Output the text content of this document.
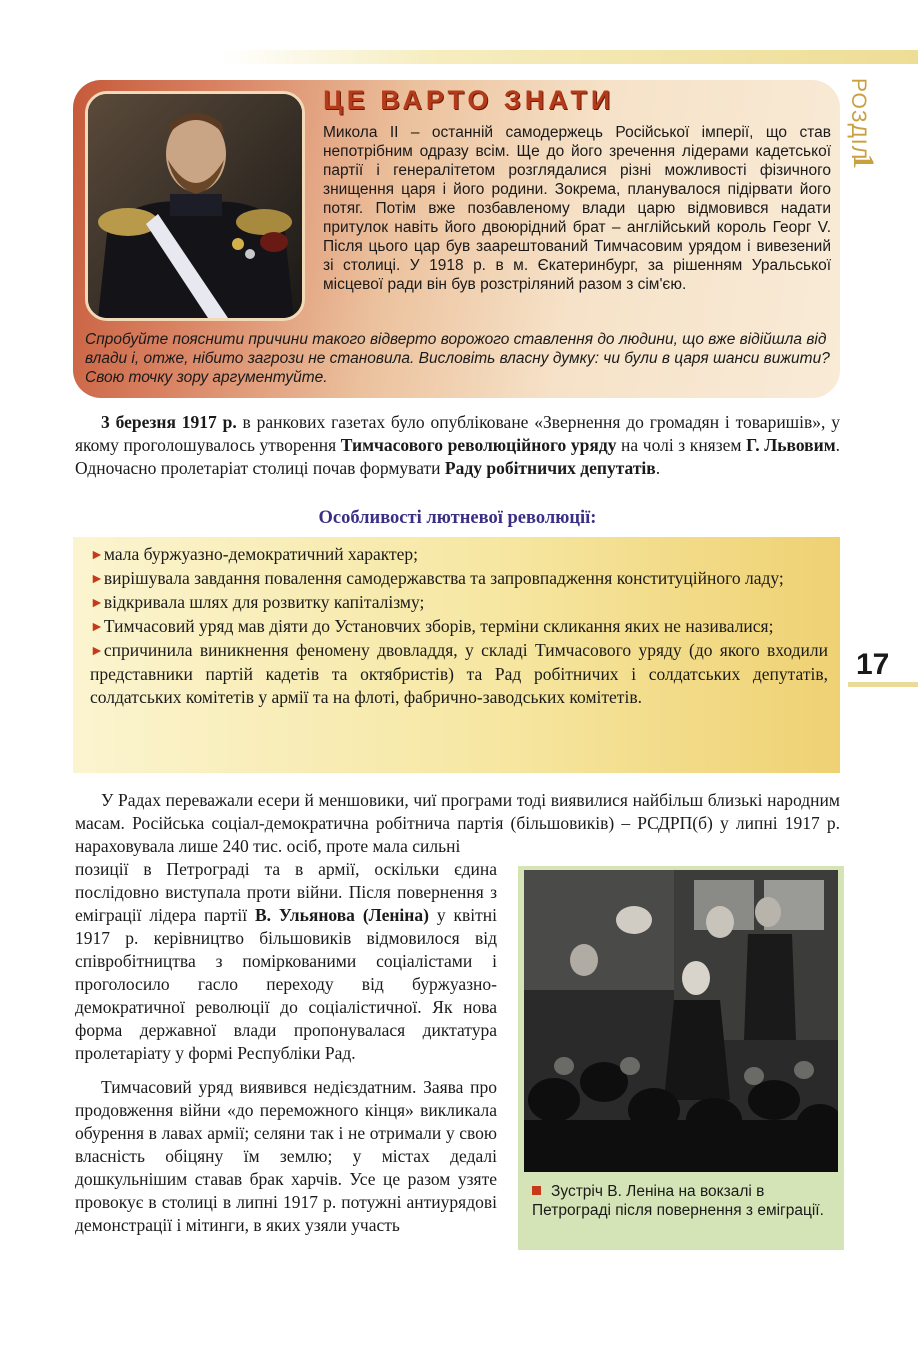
РОЗДІЛ
1
17
ЦЕ ВАРТО ЗНАТИ
Микола ІІ – останній самодержець Російської імперії, що став непотрібним одразу всім. Ще до його зречення лідерами кадетської партії і генералітетом розглядалися різні можливості фізичного знищення царя і його родини. Зокрема, планувалося підірвати його потяг. Потім вже позбавленому влади царю відмовився надати притулок навіть його двоюрідний брат – англійський король Георг V. Після цього цар був заарештований Тимчасовим урядом і вивезений зі столиці. У 1918 р. в м. Єкатеринбург, за рішенням Уральської місцевої ради він був розстріляний разом з сім'єю.
Спробуйте пояснити причини такого відверто ворожого ставлення до людини, що вже відійшла від влади і, отже, нібито загрози не становила. Висловіть власну думку: чи були в царя шанси вижити? Свою точку зору аргументуйте.
3 березня 1917 р. в ранкових газетах було опубліковане «Звернення до громадян і товаришів», у якому проголошувалось утворення Тимчасового революційного уряду на чолі з князем Г. Львовим. Одночасно пролетаріат столиці почав формувати Раду робітничих депутатів.
Особливості лютневої революції:

►мала буржуазно-демократичний характер;

►вирішувала завдання повалення самодержавства та запровпадження конституційного ладу;

►відкривала шлях для розвитку капіталізму;

►Тимчасовий уряд мав діяти до Установчих зборів, терміни скликання яких не називалися;

►спричинила виникнення феномену двовладдя, у складі Тимчасового уряду (до якого входили представники партій кадетів та октябристів) та Рад робітничих і солдатських депутатів, солдатських комітетів у армії та на флоті, фабрично-заводських комітетів.

У Радах переважали есери й меншовики, чиї програми тоді виявилися найбільш близькі народним масам. Російська соціал-демократична робітнича партія (більшовиків) – РСДРП(б) у липні 1917 р. нараховувала лише 240 тис. осіб, проте мала сильні
позиції в Петрограді та в армії, оскільки єдина послідовно виступала проти війни. Після повернення з еміграції лідера партії В. Ульянова (Леніна) у квітні 1917 р. керівництво більшовиків відмовилося від співробітництва з поміркованими соціалістами і проголосило гасло переходу від буржуазно-демократичної революції до соціалістичної. Як нова форма державної влади пропонувалася диктатура пролетаріату у формі Республіки Рад.
Тимчасовий уряд виявився недієздатним. Заява про продовження війни «до переможного кінця» викликала обурення в лавах армії; селяни так і не отримали у свою власність обіцяну їм землю; у містах дедалі дошкульнішим ставав брак харчів. Усе це разом узяте провокує в столиці в липні 1917 р. потужні антиурядові демонстрації і мітинги, в яких узяли участь
Зустріч В. Леніна на вокзалі в Петрограді після повернення з еміграції.
